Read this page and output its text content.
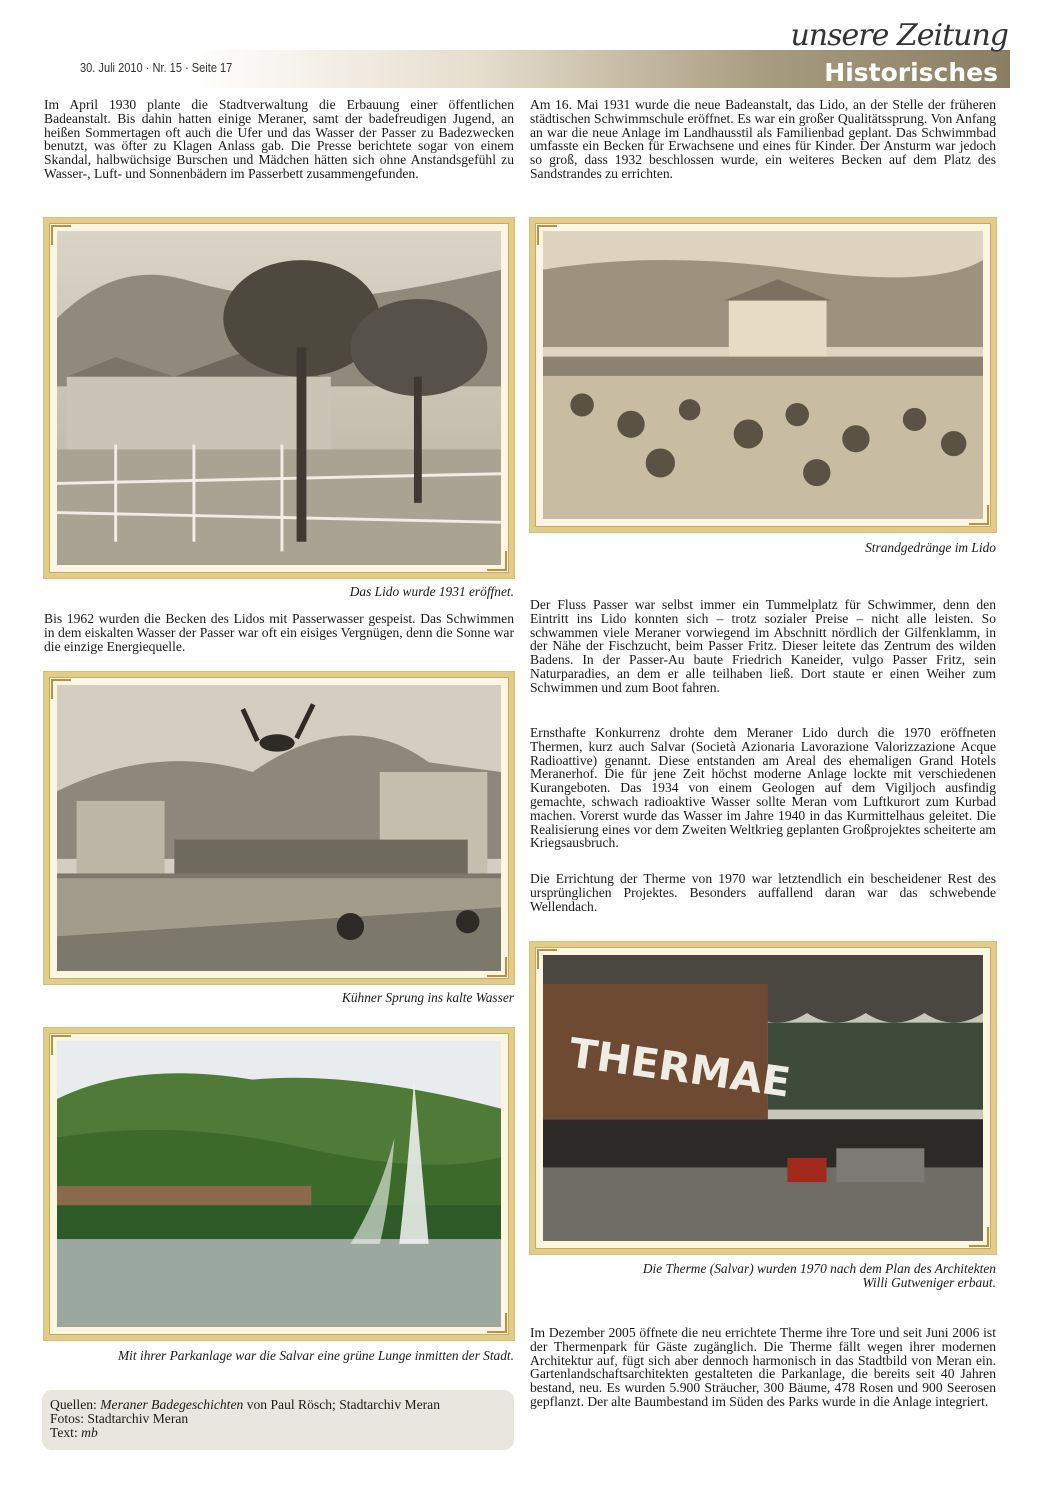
30. Juli 2010 · Nr. 15 · Seite 17
unsere Zeitung
Historisches

Im April 1930 plante die Stadtverwaltung die Erbauung einer öffentlichen Badeanstalt. Bis dahin hatten einige Meraner, samt der badefreudigen Jugend, an heißen Sommertagen oft auch die Ufer und das Wasser der Passer zu Badezwecken benutzt, was öfter zu Klagen Anlass gab. Die Presse berichtete sogar von einem Skandal, halbwüchsige Burschen und Mädchen hätten sich ohne Anstandsgefühl zu Wasser-, Luft- und Sonnenbädern im Passerbett zusammengefunden.

Das Lido wurde 1931 eröffnet.

Bis 1962 wurden die Becken des Lidos mit Passerwasser gespeist. Das Schwimmen in dem eiskalten Wasser der Passer war oft ein eisiges Vergnügen, denn die Sonne war die einzige Energiequelle.

Kühner Sprung ins kalte Wasser
Mit ihrer Parkanlage war die Salvar eine grüne Lunge inmitten der Stadt.
Quellen: Meraner Badegeschichten von Paul Rösch; Stadtarchiv Meran
Fotos: Stadtarchiv Meran
Text: mb

Am 16. Mai 1931 wurde die neue Badeanstalt, das Lido, an der Stelle der früheren städtischen Schwimmschule eröffnet. Es war ein großer Qualitätssprung. Von Anfang an war die neue Anlage im Landhausstil als Familienbad geplant. Das Schwimmbad umfasste ein Becken für Erwachsene und eines für Kinder. Der Ansturm war jedoch so groß, dass 1932 beschlossen wurde, ein weiteres Becken auf dem Platz des Sandstrandes zu errichten.

Strandgedränge im Lido

Der Fluss Passer war selbst immer ein Tummelplatz für Schwimmer, denn den Eintritt ins Lido konnten sich – trotz sozialer Preise – nicht alle leisten. So schwammen viele Meraner vorwiegend im Abschnitt nördlich der Gilfenklamm, in der Nähe der Fischzucht, beim Passer Fritz. Dieser leitete das Zentrum des wilden Badens. In der Passer-Au baute Friedrich Kaneider, vulgo Passer Fritz, sein Naturparadies, an dem er alle teilhaben ließ. Dort staute er einen Weiher zum Schwimmen und zum Boot fahren.

Ernsthafte Konkurrenz drohte dem Meraner Lido durch die 1970 eröffneten Thermen, kurz auch Salvar (Società Azionaria Lavorazione Valorizzazione Acque Radioattive) genannt. Diese entstanden am Areal des ehemaligen Grand Hotels Meranerhof. Die für jene Zeit höchst moderne Anlage lockte mit verschiedenen Kurangeboten. Das 1934 von einem Geologen auf dem Vigiljoch ausfindig gemachte, schwach radioaktive Wasser sollte Meran vom Luftkurort zum Kurbad machen. Vorerst wurde das Wasser im Jahre 1940 in das Kurmittelhaus geleitet. Die Realisierung eines vor dem Zweiten Weltkrieg geplanten Großprojektes scheiterte am Kriegsausbruch.

Die Errichtung der Therme von 1970 war letztendlich ein bescheidener Rest des ursprünglichen Projektes. Besonders auffallend daran war das schwebende Wellendach.

THERMAE
Die Therme (Salvar) wurden 1970 nach dem Plan des Architekten
Willi Gutweniger erbaut.

Im Dezember 2005 öffnete die neu errichtete Therme ihre Tore und seit Juni 2006 ist der Thermenpark für Gäste zugänglich. Die Therme fällt wegen ihrer modernen Architektur auf, fügt sich aber dennoch harmonisch in das Stadtbild von Meran ein. Gartenlandschaftsarchitekten gestalteten die Parkanlage, die bereits seit 40 Jahren bestand, neu. Es wurden 5.900 Sträucher, 300 Bäume, 478 Rosen und 900 Seerosen gepflanzt. Der alte Baumbestand im Süden des Parks wurde in die Anlage integriert.
